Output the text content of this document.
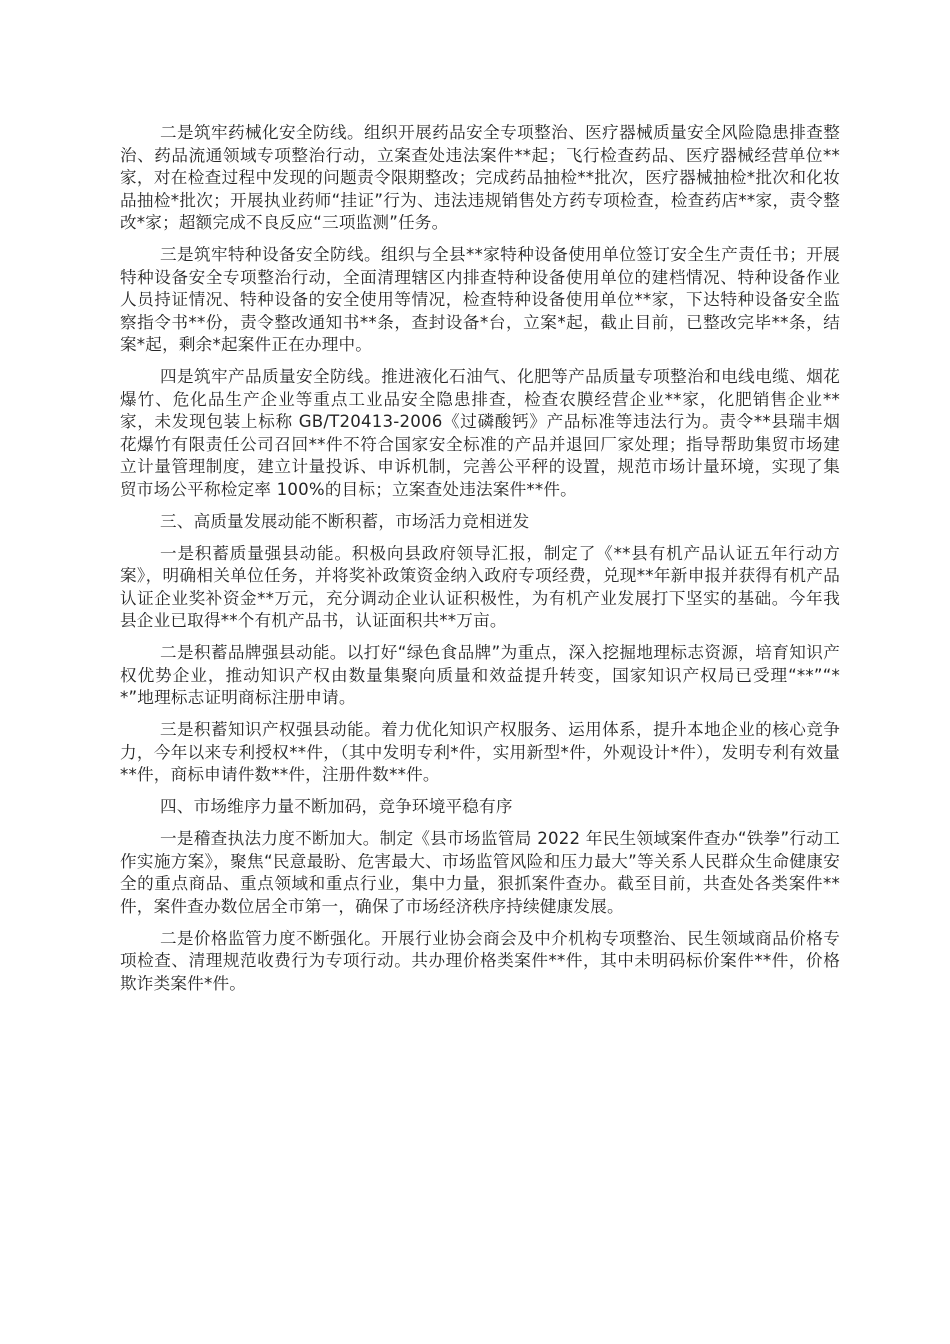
二是筑牢药械化安全防线。组织开展药品安全专项整治、医疗器械质量安全风险隐患排查整治、药品流通领域专项整治行动，立案查处违法案件**起；飞行检查药品、医疗器械经营单位**家，对在检查过程中发现的问题责令限期整改；完成药品抽检**批次，医疗器械抽检*批次和化妆品抽检*批次；开展执业药师“挂证”行为、违法违规销售处方药专项检查，检查药店**家，责令整改*家；超额完成不良反应“三项监测”任务。

三是筑牢特种设备安全防线。组织与全县**家特种设备使用单位签订安全生产责任书；开展特种设备安全专项整治行动，全面清理辖区内排查特种设备使用单位的建档情况、特种设备作业人员持证情况、特种设备的安全使用等情况，检查特种设备使用单位**家，下达特种设备安全监察指令书**份，责令整改通知书**条，查封设备*台，立案*起，截止目前，已整改完毕**条，结案*起，剩余*起案件正在办理中。

四是筑牢产品质量安全防线。推进液化石油气、化肥等产品质量专项整治和电线电缆、烟花爆竹、危化品生产企业等重点工业品安全隐患排查，检查农膜经营企业**家，化肥销售企业**家，未发现包装上标称 GB/T20413-2006《过磷酸钙》产品标准等违法行为。责令**县瑞丰烟花爆竹有限责任公司召回**件不符合国家安全标准的产品并退回厂家处理；指导帮助集贸市场建立计量管理制度，建立计量投诉、申诉机制，完善公平秤的设置，规范市场计量环境，实现了集贸市场公平称检定率 100%的目标；立案查处违法案件**件。

三、高质量发展动能不断积蓄，市场活力竞相迸发

一是积蓄质量强县动能。积极向县政府领导汇报，制定了《**县有机产品认证五年行动方案》，明确相关单位任务，并将奖补政策资金纳入政府专项经费，兑现**年新申报并获得有机产品认证企业奖补资金**万元，充分调动企业认证积极性，为有机产业发展打下坚实的基础。今年我县企业已取得**个有机产品书，认证面积共**万亩。

二是积蓄品牌强县动能。以打好“绿色食品牌”为重点，深入挖掘地理标志资源，培育知识产权优势企业，推动知识产权由数量集聚向质量和效益提升转变，国家知识产权局已受理“**”“**”地理标志证明商标注册申请。

三是积蓄知识产权强县动能。着力优化知识产权服务、运用体系，提升本地企业的核心竞争力，今年以来专利授权**件，（其中发明专利*件，实用新型*件，外观设计*件），发明专利有效量**件，商标申请件数**件，注册件数**件。

四、市场维序力量不断加码，竞争环境平稳有序

一是稽查执法力度不断加大。制定《县市场监管局 2022 年民生领域案件查办“铁拳”行动工作实施方案》，聚焦“民意最盼、危害最大、市场监管风险和压力最大”等关系人民群众生命健康安全的重点商品、重点领域和重点行业，集中力量，狠抓案件查办。截至目前，共查处各类案件**件，案件查办数位居全市第一，确保了市场经济秩序持续健康发展。

二是价格监管力度不断强化。开展行业协会商会及中介机构专项整治、民生领域商品价格专项检查、清理规范收费行为专项行动。共办理价格类案件**件，其中未明码标价案件**件，价格欺诈类案件*件。
